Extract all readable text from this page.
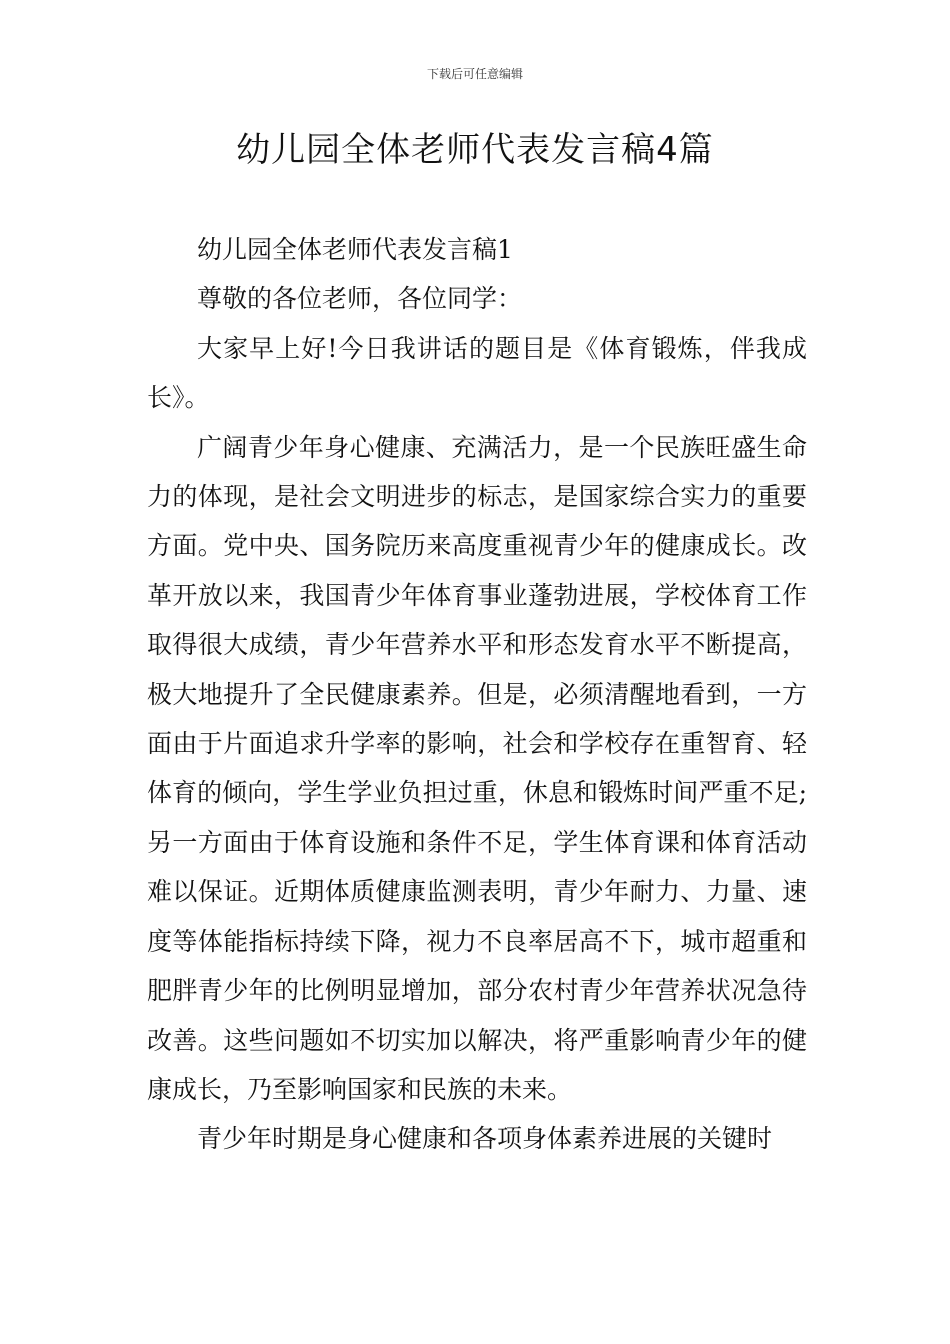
下载后可任意编辑
幼儿园全体老师代表发言稿4篇

幼儿园全体老师代表发言稿1

尊敬的各位老师，各位同学：

大家早上好!今日我讲话的题目是《体育锻炼，伴我成长》。

广阔青少年身心健康、充满活力，是一个民族旺盛生命力的体现，是社会文明进步的标志，是国家综合实力的重要方面。党中央、国务院历来高度重视青少年的健康成长。改革开放以来，我国青少年体育事业蓬勃进展，学校体育工作取得很大成绩，青少年营养水平和形态发育水平不断提高，极大地提升了全民健康素养。但是，必须清醒地看到，一方面由于片面追求升学率的影响，社会和学校存在重智育、轻体育的倾向，学生学业负担过重，休息和锻炼时间严重不足;另一方面由于体育设施和条件不足，学生体育课和体育活动难以保证。近期体质健康监测表明，青少年耐力、力量、速度等体能指标持续下降，视力不良率居高不下，城市超重和肥胖青少年的比例明显增加，部分农村青少年营养状况急待改善。这些问题如不切实加以解决，将严重影响青少年的健康成长，乃至影响国家和民族的未来。

青少年时期是身心健康和各项身体素养进展的关键时
